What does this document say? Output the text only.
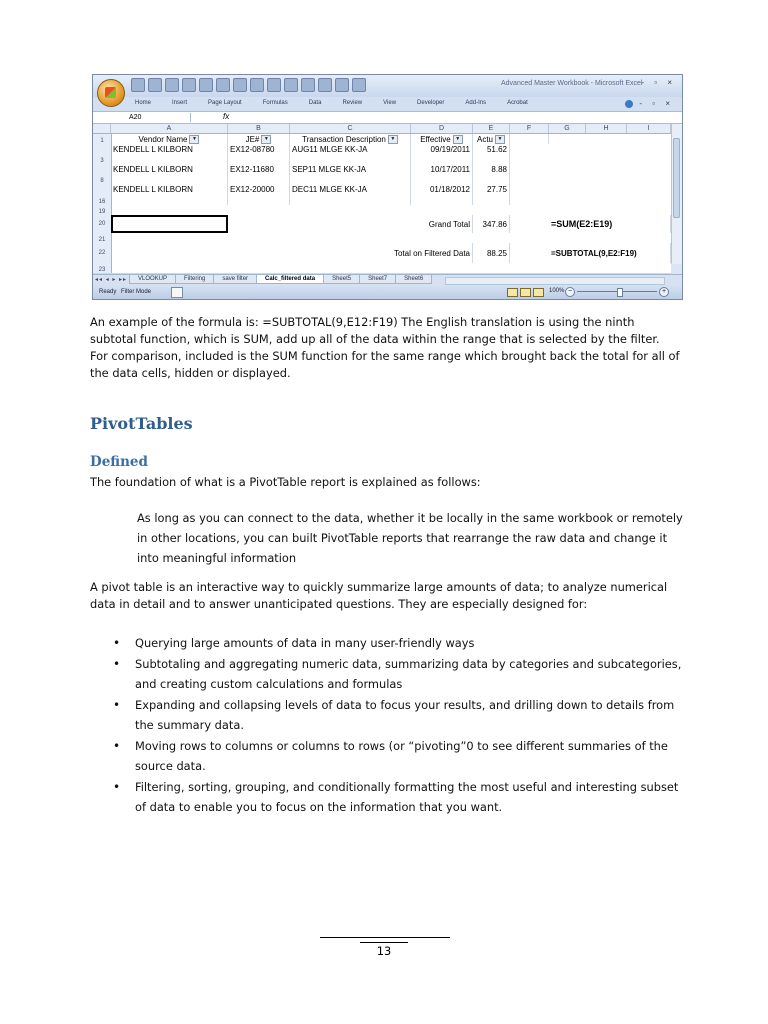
Advanced Master Workbook - Microsoft Excel
- ▫ ×
Home	Insert	Page Layout	Formulas	Data	Review	View	Developer	Add-Ins	Acrobat	- ▫ ×
A20	fx
A	B	C	D	E	F	G	H	I
1	Vendor Name ▼	JE# ▼	Transaction Description ▼	Effective ▼	Actu ▼
3
KENDELL L KILBORN	EX12-08780	AUG11 MLGE KK-JA	09/19/2011	51.62
8
KENDELL L KILBORN	EX12-11680	SEP11 MLGE KK-JA	10/17/2011	8.88
16
KENDELL L KILBORN	EX12-20000	DEC11 MLGE KK-JA	01/18/2012	27.75
19
20	Grand Total	347.86	=SUM(E2:E19)
21
22	Total on Filtered Data	88.25	=SUBTOTAL(9,E2:F19)
23
◂◂ ◂ ▸ ▸▸	VLOOKUP	Filtering	save filter	Calc_filtered data	Sheet5	Sheet7	Sheet6
Ready Filter Mode	100% −	+
An example of the formula is: =SUBTOTAL(9,E12:F19) The English translation is using the ninth subtotal function, which is SUM, add up all of the data within the range that is selected by the filter. For comparison, included is the SUM function for the same range which brought back the total for all of the data cells, hidden or displayed.
PivotTables
Defined
The foundation of what is a PivotTable report is explained as follows:
As long as you can connect to the data, whether it be locally in the same workbook or remotely in other locations, you can built PivotTable reports that rearrange the raw data and change it into meaningful information
A pivot table is an interactive way to quickly summarize large amounts of data; to analyze numerical data in detail and to answer unanticipated questions. They are especially designed for:
• Querying large amounts of data in many user-friendly ways
• Subtotaling and aggregating numeric data, summarizing data by categories and subcategories, and creating custom calculations and formulas
• Expanding and collapsing levels of data to focus your results, and drilling down to details from the summary data.
• Moving rows to columns or columns to rows (or “pivoting”0 to see different summaries of the source data.
• Filtering, sorting, grouping, and conditionally formatting the most useful and interesting subset of data to enable you to focus on the information that you want.
13
